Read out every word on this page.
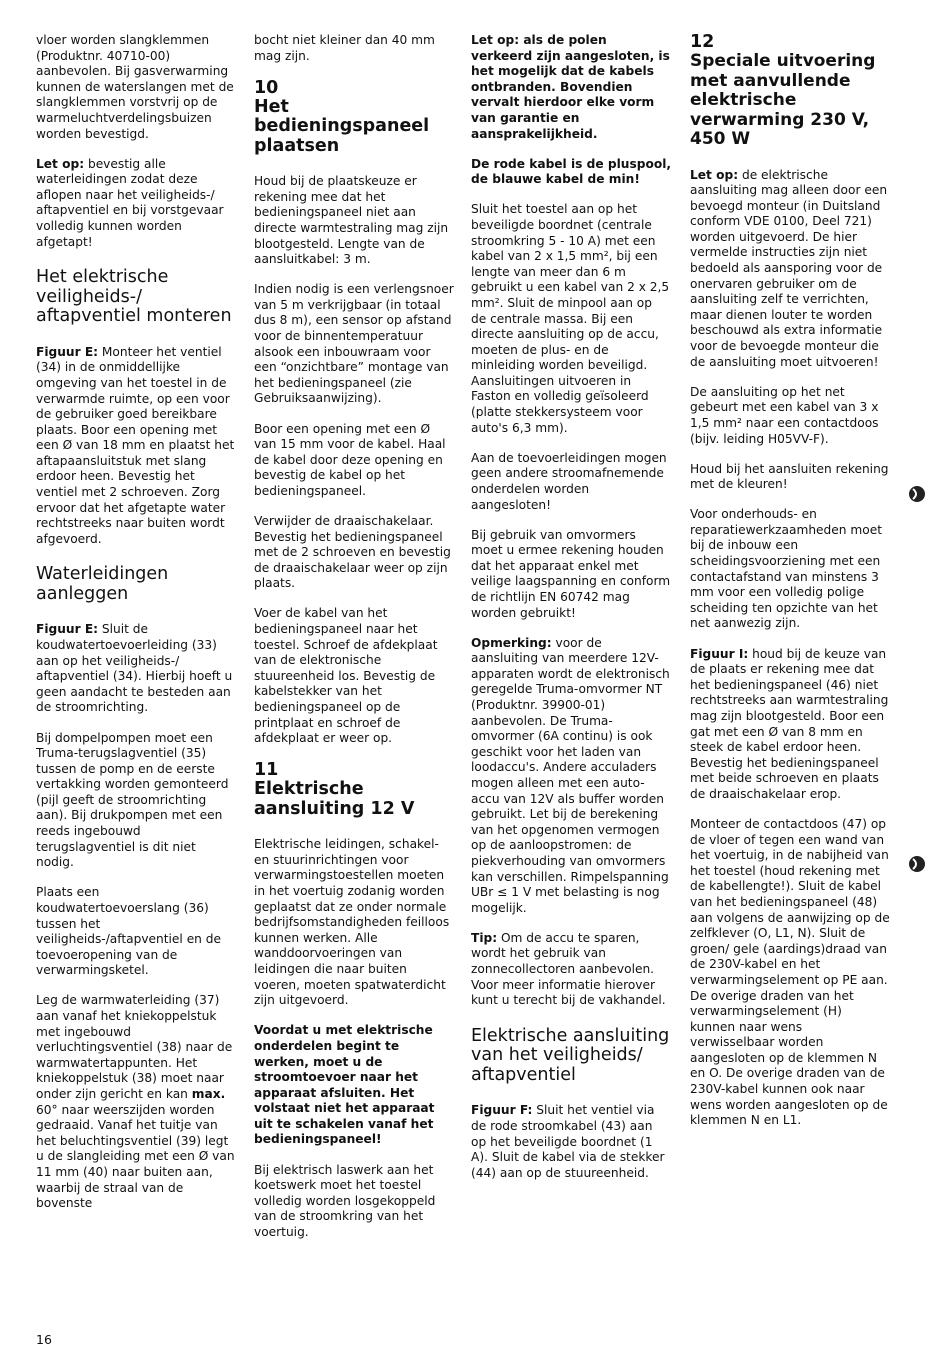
vloer worden slangklemmen (Produktnr. 40710-00) aanbevolen. Bij gasverwarming kunnen de waterslangen met de slangklemmen vorstvrij op de warmeluchtverdelingsbuizen worden bevestigd.

Let op: bevestig alle waterleidingen zodat deze aflopen naar het veiligheids-/ aftapventiel en bij vorstgevaar volledig kunnen worden afgetapt!

Het elektrische veiligheids-/ aftapventiel monteren

Figuur E: Monteer het ventiel (34) in de onmiddellijke omgeving van het toestel in de verwarmde ruimte, op een voor de gebruiker goed bereikbare plaats. Boor een opening met een Ø van 18 mm en plaatst het aftapaansluitstuk met slang erdoor heen. Bevestig het ventiel met 2 schroeven. Zorg ervoor dat het afgetapte water rechtstreeks naar buiten wordt afgevoerd.

Waterleidingen aanleggen

Figuur E: Sluit de koudwatertoevoerleiding (33) aan op het veiligheids-/ aftapventiel (34). Hierbij hoeft u geen aandacht te besteden aan de stroomrichting.

Bij dompelpompen moet een Truma-terugslagventiel (35) tussen de pomp en de eerste vertakking worden gemonteerd (pijl geeft de stroomrichting aan). Bij drukpompen met een reeds ingebouwd terugslagventiel is dit niet nodig.

Plaats een koudwatertoevoerslang (36) tussen het veiligheids-/aftapventiel en de toevoeropening van de verwarmingsketel.

Leg de warmwaterleiding (37) aan vanaf het kniekoppelstuk met ingebouwd verluchtingsventiel (38) naar de warmwatertappunten. Het kniekoppelstuk (38) moet naar onder zijn gericht en kan max. 60° naar weerszijden worden gedraaid. Vanaf het tuitje van het beluchtingsventiel (39) legt u de slangleiding met een Ø van 11 mm (40) naar buiten aan, waarbij de straal van de bovenste

bocht niet kleiner dan 40 mm mag zijn.

10
Het bedieningspaneel plaatsen

Houd bij de plaatskeuze er rekening mee dat het bedieningspaneel niet aan directe warmtestraling mag zijn blootgesteld. Lengte van de aansluitkabel: 3 m.

Indien nodig is een verlengsnoer van 5 m verkrijgbaar (in totaal dus 8 m), een sensor op afstand voor de binnentemperatuur alsook een inbouwraam voor een “onzichtbare” montage van het bedieningspaneel (zie Gebruiksaanwijzing).

Boor een opening met een Ø van 15 mm voor de kabel. Haal de kabel door deze opening en bevestig de kabel op het bedieningspaneel.

Verwijder de draaischakelaar. Bevestig het bedieningspaneel met de 2 schroeven en bevestig de draaischakelaar weer op zijn plaats.

Voer de kabel van het bedieningspaneel naar het toestel. Schroef de afdekplaat van de elektronische stuureenheid los. Bevestig de kabelstekker van het bedieningspaneel op de printplaat en schroef de afdekplaat er weer op.

11
Elektrische aansluiting 12 V

Elektrische leidingen, schakel- en stuurinrichtingen voor verwarmingstoestellen moeten in het voertuig zodanig worden geplaatst dat ze onder normale bedrijfsomstandigheden feilloos kunnen werken. Alle wanddoorvoeringen van leidingen die naar buiten voeren, moeten spatwaterdicht zijn uitgevoerd.

Voordat u met elektrische onderdelen begint te werken, moet u de stroomtoevoer naar het apparaat afsluiten. Het volstaat niet het apparaat uit te schakelen vanaf het bedieningspaneel!

Bij elektrisch laswerk aan het koetswerk moet het toestel volledig worden losgekoppeld van de stroomkring van het voertuig.

Let op: als de polen verkeerd zijn aangesloten, is het mogelijk dat de kabels ontbranden. Bovendien vervalt hierdoor elke vorm van garantie en aansprakelijkheid.

De rode kabel is de pluspool, de blauwe kabel de min!

Sluit het toestel aan op het beveiligde boordnet (centrale stroomkring 5 - 10 A) met een kabel van 2 x 1,5 mm², bij een lengte van meer dan 6 m gebruikt u een kabel van 2 x 2,5 mm². Sluit de minpool aan op de centrale massa. Bij een directe aansluiting op de accu, moeten de plus- en de minleiding worden beveiligd. Aansluitingen uitvoeren in Faston en volledig geïsoleerd (platte stekkersysteem voor auto's 6,3 mm).

Aan de toevoerleidingen mogen geen andere stroomafnemende onderdelen worden aangesloten!

Bij gebruik van omvormers moet u ermee rekening houden dat het apparaat enkel met veilige laagspanning en conform de richtlijn EN 60742 mag worden gebruikt!

Opmerking: voor de aansluiting van meerdere 12V-apparaten wordt de elektronisch geregelde Truma-omvormer NT (Produktnr. 39900-01) aanbevolen. De Truma-omvormer (6A continu) is ook geschikt voor het laden van loodaccu's. Andere acculaders mogen alleen met een auto-accu van 12V als buffer worden gebruikt. Let bij de berekening van het opgenomen vermogen op de aanloopstromen: de piekverhouding van omvormers kan verschillen. Rimpelspanning UBr ≤ 1 V met belasting is nog mogelijk.

Tip: Om de accu te sparen, wordt het gebruik van zonnecollectoren aanbevolen. Voor meer informatie hierover kunt u terecht bij de vakhandel.

Elektrische aansluiting van het veiligheids/ aftapventiel

Figuur F: Sluit het ventiel via de rode stroomkabel (43) aan op het beveiligde boordnet (1 A). Sluit de kabel via de stekker (44) aan op de stuureenheid.

12
Speciale uitvoering met aanvullende elektrische verwarming 230 V, 450 W

Let op: de elektrische aansluiting mag alleen door een bevoegd monteur (in Duitsland conform VDE 0100, Deel 721) worden uitgevoerd. De hier vermelde instructies zijn niet bedoeld als aansporing voor de onervaren gebruiker om de aansluiting zelf te verrichten, maar dienen louter te worden beschouwd als extra informatie voor de bevoegde monteur die de aansluiting moet uitvoeren!

De aansluiting op het net gebeurt met een kabel van 3 x 1,5 mm² naar een contactdoos (bijv. leiding H05VV-F).

Houd bij het aansluiten rekening met de kleuren!

Voor onderhouds- en reparatiewerkzaamheden moet bij de inbouw een scheidingsvoorziening met een contactafstand van minstens 3 mm voor een volledig polige scheiding ten opzichte van het net aanwezig zijn.

Figuur I: houd bij de keuze van de plaats er rekening mee dat het bedieningspaneel (46) niet rechtstreeks aan warmtestraling mag zijn blootgesteld. Boor een gat met een Ø van 8 mm en steek de kabel erdoor heen. Bevestig het bedieningspaneel met beide schroeven en plaats de draaischakelaar erop.

Monteer de contactdoos (47) op de vloer of tegen een wand van het voertuig, in de nabijheid van het toestel (houd rekening met de kabellengte!). Sluit de kabel van het bedieningspaneel (48) aan volgens de aanwijzing op de zelfklever (O, L1, N). Sluit de groen/ gele (aardings)draad van de 230V-kabel en het verwarmingselement op PE aan. De overige draden van het verwarmingselement (H) kunnen naar wens verwisselbaar worden aangesloten op de klemmen N en O. De overige draden van de 230V-kabel kunnen ook naar wens worden aangesloten op de klemmen N en L1.

16
